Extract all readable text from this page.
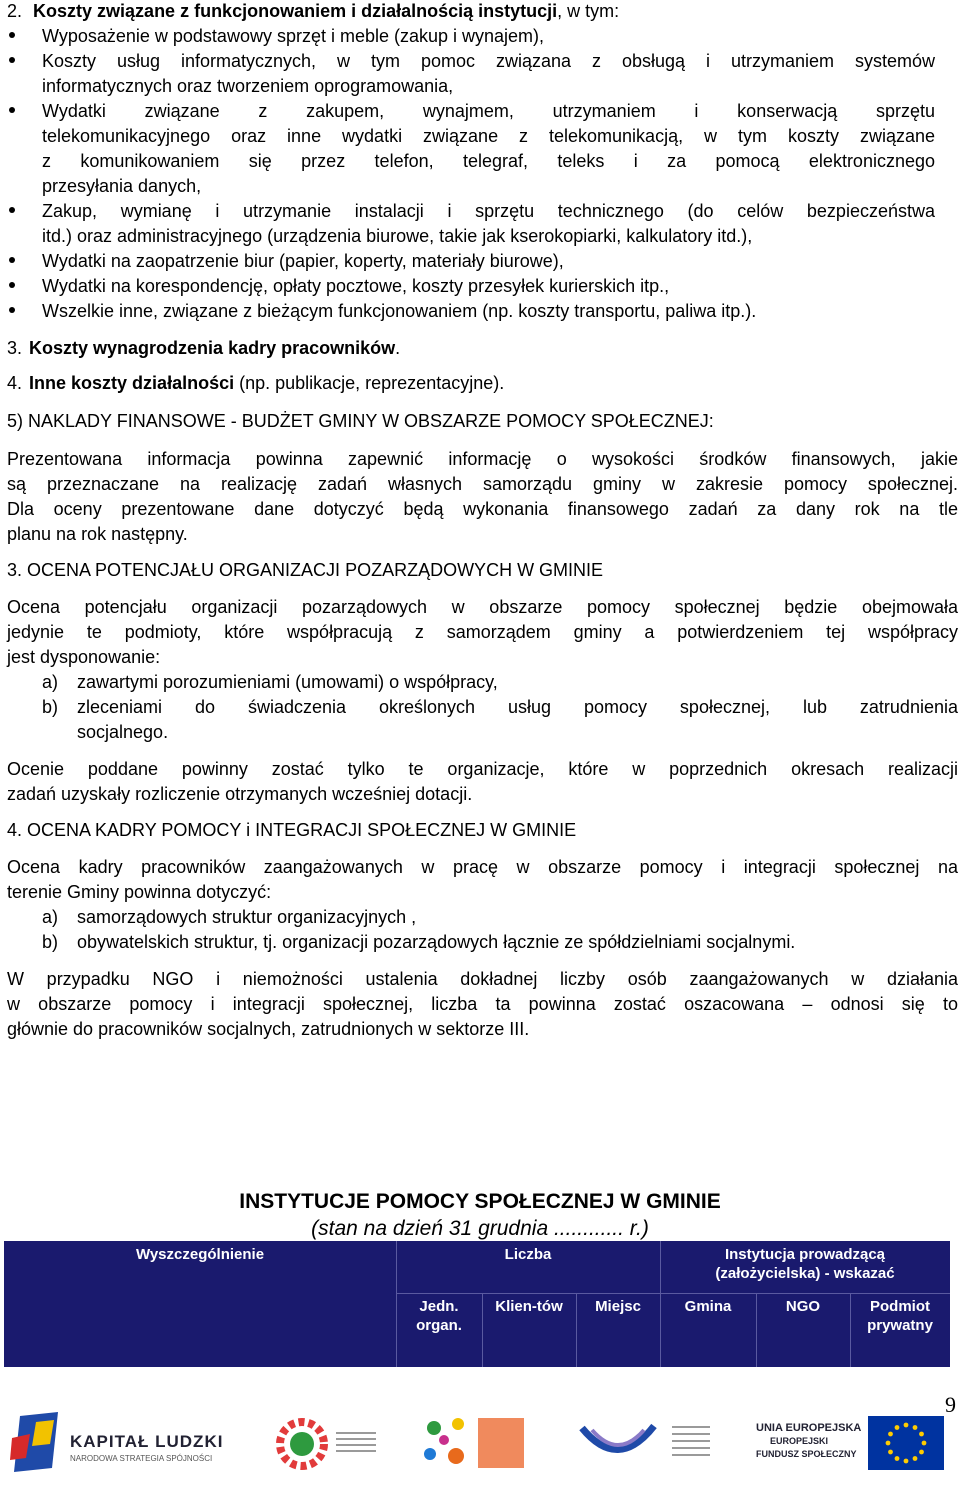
2. Koszty związane z funkcjonowaniem i działalnością instytucji, w tym:
Wyposażenie w podstawowy sprzęt i meble (zakup i wynajem),
Koszty usług informatycznych, w tym pomoc związana z obsługą i utrzymaniem systemów
informatycznych oraz tworzeniem oprogramowania,
Wydatki związane z zakupem, wynajmem, utrzymaniem i konserwacją sprzętu
telekomunikacyjnego oraz inne wydatki związane z telekomunikacją, w tym koszty związane
z komunikowaniem się przez telefon, telegraf, teleks i za pomocą elektronicznego
przesyłania danych,
Zakup, wymianę i utrzymanie instalacji i sprzętu technicznego (do celów bezpieczeństwa
itd.) oraz administracyjnego (urządzenia biurowe, takie jak kserokopiarki, kalkulatory itd.),
Wydatki na zaopatrzenie biur (papier, koperty, materiały biurowe),
Wydatki na korespondencję, opłaty pocztowe, koszty przesyłek kurierskich itp.,
Wszelkie inne, związane z bieżącym funkcjonowaniem (np. koszty transportu, paliwa itp.).
3. Koszty wynagrodzenia kadry pracowników.
4. Inne koszty działalności (np. publikacje, reprezentacyjne).
5) NAKLADY FINANSOWE - BUDŻET GMINY W OBSZARZE POMOCY SPOŁECZNEJ:
Prezentowana informacja powinna zapewnić informację o wysokości środków finansowych, jakie
są przeznaczane na realizację zadań własnych samorządu gminy w zakresie pomocy społecznej.
Dla oceny prezentowane dane dotyczyć będą wykonania finansowego zadań za dany rok na tle
planu na rok następny.
3. OCENA POTENCJAŁU ORGANIZACJI POZARZĄDOWYCH W GMINIE
Ocena potencjału organizacji pozarządowych w obszarze pomocy społecznej będzie obejmowała
jedynie te podmioty, które współpracują z samorządem gminy a potwierdzeniem tej współpracy
jest dysponowanie:
a) zawartymi porozumieniami (umowami) o współpracy,
b) zleceniami do świadczenia określonych usług pomocy społecznej, lub zatrudnienia
socjalnego.
Ocenie poddane powinny zostać tylko te organizacje, które w poprzednich okresach realizacji
zadań uzyskały rozliczenie otrzymanych wcześniej dotacji.
4. OCENA KADRY POMOCY i INTEGRACJI SPOŁECZNEJ W GMINIE
Ocena kadry pracowników zaangażowanych w pracę w obszarze pomocy i integracji społecznej na
terenie Gminy powinna dotyczyć:
a) samorządowych struktur organizacyjnych ,
b) obywatelskich struktur, tj. organizacji pozarządowych łącznie ze spółdzielniami socjalnymi.
W przypadku NGO i niemożności ustalenia dokładnej liczby osób zaangażowanych w działania
w obszarze pomocy i integracji społecznej, liczba ta powinna zostać oszacowana – odnosi się to
głównie do pracowników socjalnych, zatrudnionych w sektorze III.
INSTYTUCJE POMOCY SPOŁECZNEJ W GMINIE
(stan na dzień 31 grudnia ............ r.)
Wyszczególnienie	Liczba	Instytucja prowadzącą
(założycielska) - wskazać
Jedn.
organ.
Klien-tów	Miejsc	Gmina	NGO	Podmiot
prywatny
9
KAPITAŁ LUDZKI
NARODOWA STRATEGIA SPÓJNOŚCI
UNIA EUROPEJSKA
EUROPEJSKI
FUNDUSZ SPOŁECZNY
